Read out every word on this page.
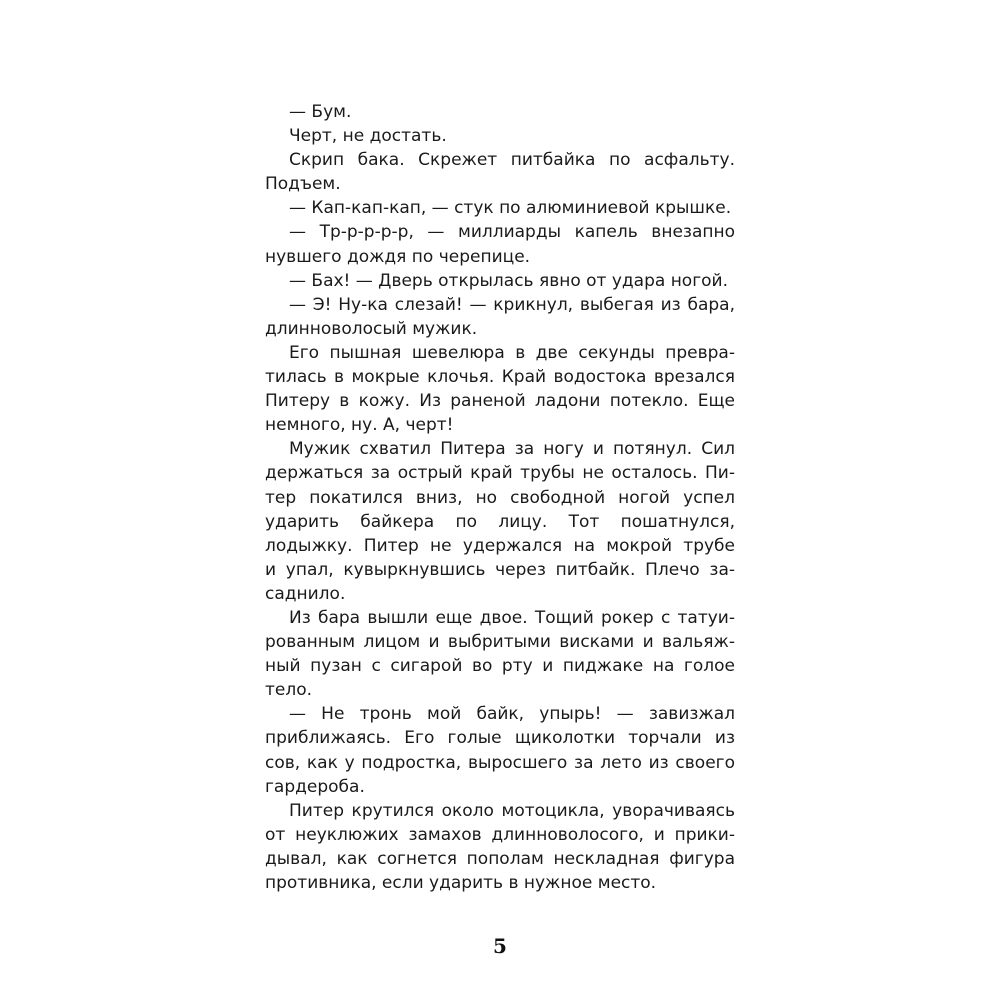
— Бум.
Черт, не достать.
Скрип бака. Скрежет питбайка по асфальту.
Подъем.
— Кап-кап-кап, — стук по алюминиевой крышке.
— Тр-р-р-р-р, — миллиарды капель внезапно
нувшего дождя по черепице.
— Бах! — Дверь открылась явно от удара ногой.
— Э! Ну-ка слезай! — крикнул, выбегая из бара,
длинноволосый мужик.
Его пышная шевелюра в две секунды превра-
тилась в мокрые клочья. Край водостока врезался
Питеру в кожу. Из раненой ладони потекло. Еще
немного, ну. А, черт!
Мужик схватил Питера за ногу и потянул. Сил
держаться за острый край трубы не осталось. Пи-
тер покатился вниз, но свободной ногой успел
ударить байкера по лицу. Тот пошатнулся,
лодыжку. Питер не удержался на мокрой трубе
и упал, кувыркнувшись через питбайк. Плечо за-
саднило.
Из бара вышли еще двое. Тощий рокер с татуи-
рованным лицом и выбритыми висками и вальяж-
ный пузан с сигарой во рту и пиджаке на голое
тело.
— Не тронь мой байк, упырь! — завизжал
приближаясь. Его голые щиколотки торчали из
сов, как у подростка, выросшего за лето из своего
гардероба.
Питер крутился около мотоцикла, уворачиваясь
от неуклюжих замахов длинноволосого, и прики-
дывал, как согнется пополам нескладная фигура
противника, если ударить в нужное место.
5
